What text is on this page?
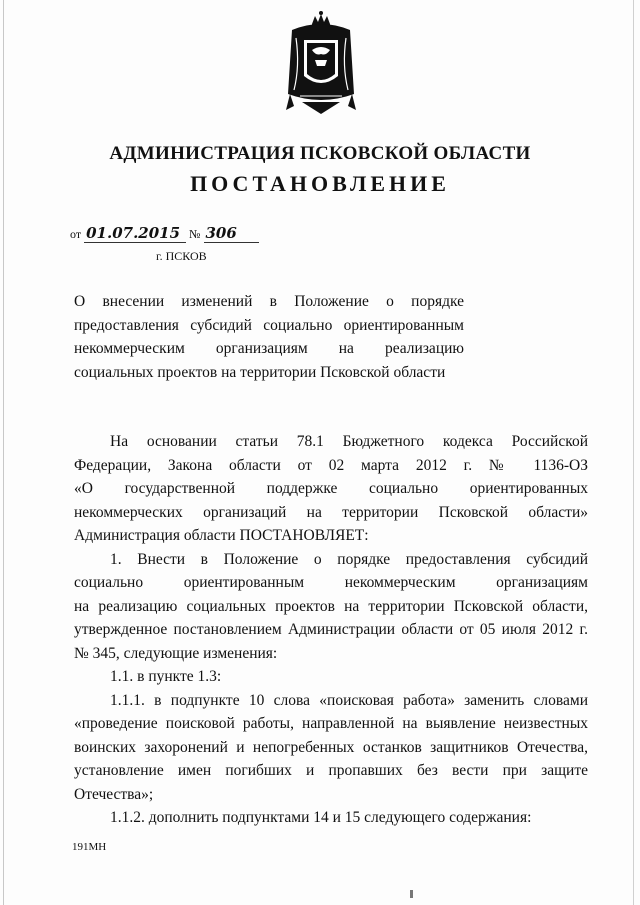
АДМИНИСТРАЦИЯ ПСКОВСКОЙ ОБЛАСТИ
ПОСТАНОВЛЕНИЕ
от 01.07.2015 № 306
г. ПСКОВ
О внесении изменений в Положение о порядке
предоставления субсидий социально ориентированным
некоммерческим организациям на реализацию
социальных проектов на территории Псковской области
На основании статьи 78.1 Бюджетного кодекса Российской
Федерации, Закона области от 02 марта 2012 г. № 1136-ОЗ
«О государственной поддержке социально ориентированных
некоммерческих организаций на территории Псковской области»
Администрация области ПОСТАНОВЛЯЕТ:
1. Внести в Положение о порядке предоставления субсидий
социально ориентированным некоммерческим организациям
на реализацию социальных проектов на территории Псковской области,
утвержденное постановлением Администрации области от 05 июля 2012 г.
№ 345, следующие изменения:
1.1. в пункте 1.3:
1.1.1. в подпункте 10 слова «поисковая работа» заменить словами
«проведение поисковой работы, направленной на выявление неизвестных
воинских захоронений и непогребенных останков защитников Отечества,
установление имен погибших и пропавших без вести при защите
Отечества»;
1.1.2. дополнить подпунктами 14 и 15 следующего содержания:
191МН
